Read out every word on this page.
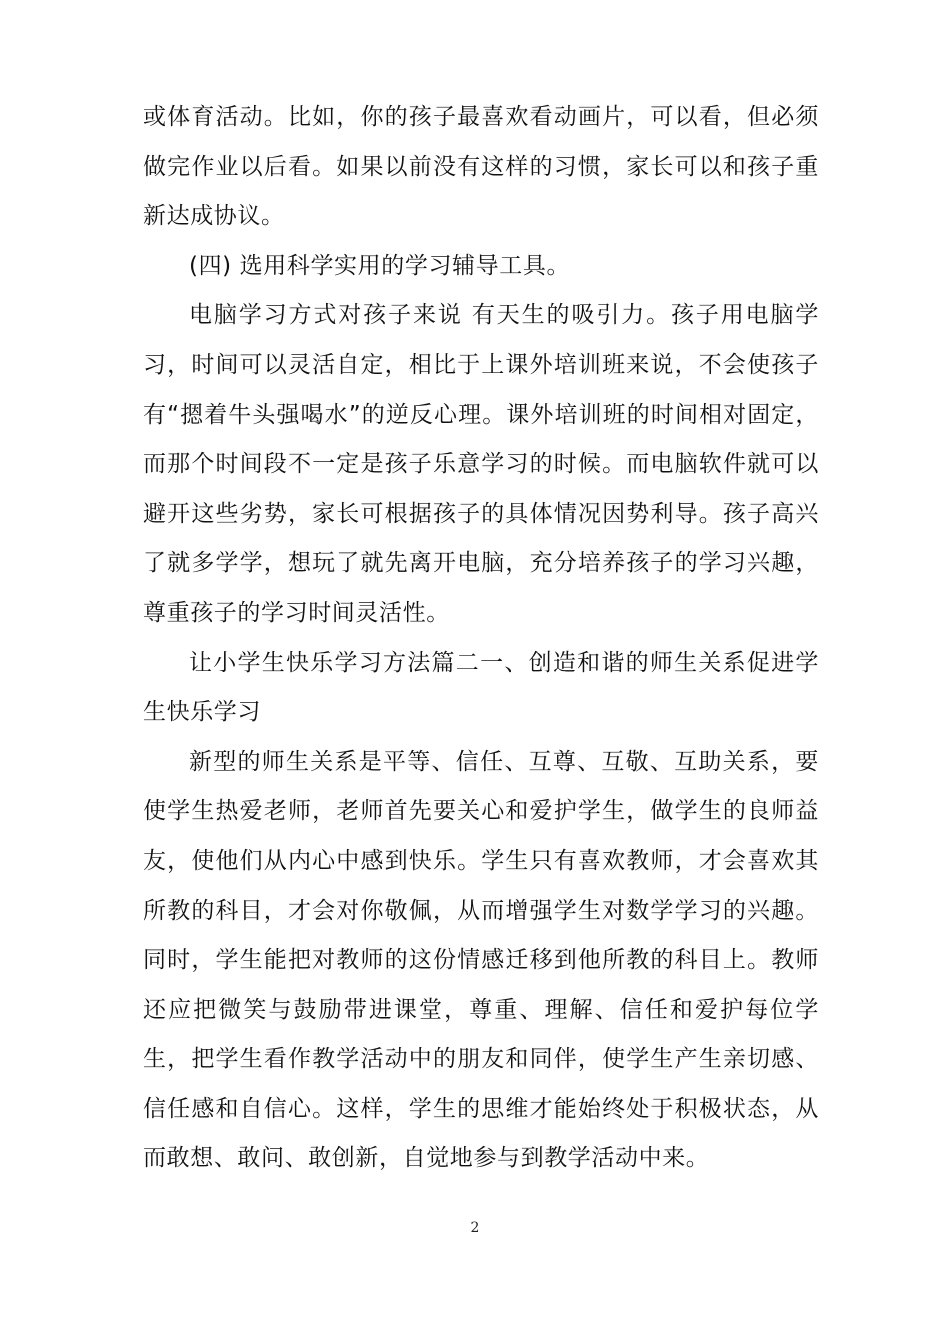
或体育活动。比如，你的孩子最喜欢看动画片，可以看，但必须做完作业以后看。如果以前没有这样的习惯，家长可以和孩子重新达成协议。

(四) 选用科学实用的学习辅导工具。

电脑学习方式对孩子来说 有天生的吸引力。孩子用电脑学习，时间可以灵活自定，相比于上课外培训班来说，不会使孩子有“摁着牛头强喝水”的逆反心理。课外培训班的时间相对固定，而那个时间段不一定是孩子乐意学习的时候。而电脑软件就可以避开这些劣势，家长可根据孩子的具体情况因势利导。孩子高兴了就多学学，想玩了就先离开电脑，充分培养孩子的学习兴趣，尊重孩子的学习时间灵活性。

让小学生快乐学习方法篇二一、创造和谐的师生关系促进学生快乐学习

新型的师生关系是平等、信任、互尊、互敬、互助关系，要使学生热爱老师，老师首先要关心和爱护学生，做学生的良师益友，使他们从内心中感到快乐。学生只有喜欢教师，才会喜欢其所教的科目，才会对你敬佩，从而增强学生对数学学习的兴趣。同时，学生能把对教师的这份情感迁移到他所教的科目上。教师还应把微笑与鼓励带进课堂，尊重、理解、信任和爱护每位学生，把学生看作教学活动中的朋友和同伴，使学生产生亲切感、信任感和自信心。这样，学生的思维才能始终处于积极状态，从而敢想、敢问、敢创新，自觉地参与到教学活动中来。

2
